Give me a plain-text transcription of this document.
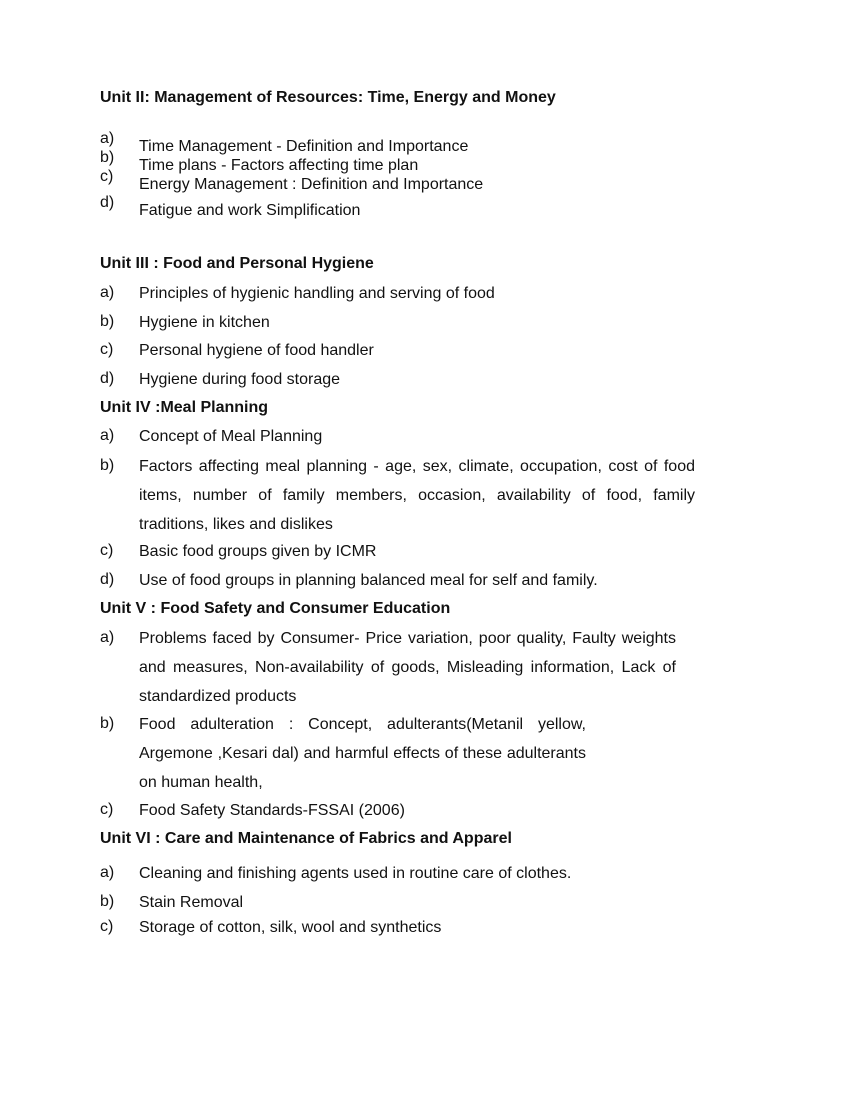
Unit II: Management of Resources: Time, Energy and Money
a) Time Management - Definition and Importance
b) Time plans - Factors affecting time plan
c) Energy Management : Definition and Importance
d) Fatigue and work Simplification
Unit III : Food and Personal Hygiene
a) Principles of hygienic handling and serving of food
b) Hygiene in kitchen
c) Personal hygiene of food handler
d) Hygiene during food storage
Unit IV :Meal Planning
a) Concept of Meal Planning
b) Factors affecting meal planning - age, sex, climate, occupation, cost of food items, number of family members, occasion, availability of food, family traditions, likes and dislikes
c) Basic food groups given by ICMR
d) Use of food groups in planning balanced meal for self and family.
Unit V : Food Safety and Consumer Education
a) Problems faced by Consumer- Price variation, poor quality, Faulty weights and measures, Non-availability of goods, Misleading information, Lack of standardized products
b) Food adulteration : Concept, adulterants(Metanil yellow, Argemone ,Kesari dal) and harmful effects of these adulterants on human health,
c) Food Safety Standards-FSSAI (2006)
Unit VI : Care and Maintenance of Fabrics and Apparel
a) Cleaning and finishing agents used in routine care of clothes.
b) Stain Removal
c) Storage of cotton, silk, wool and synthetics
